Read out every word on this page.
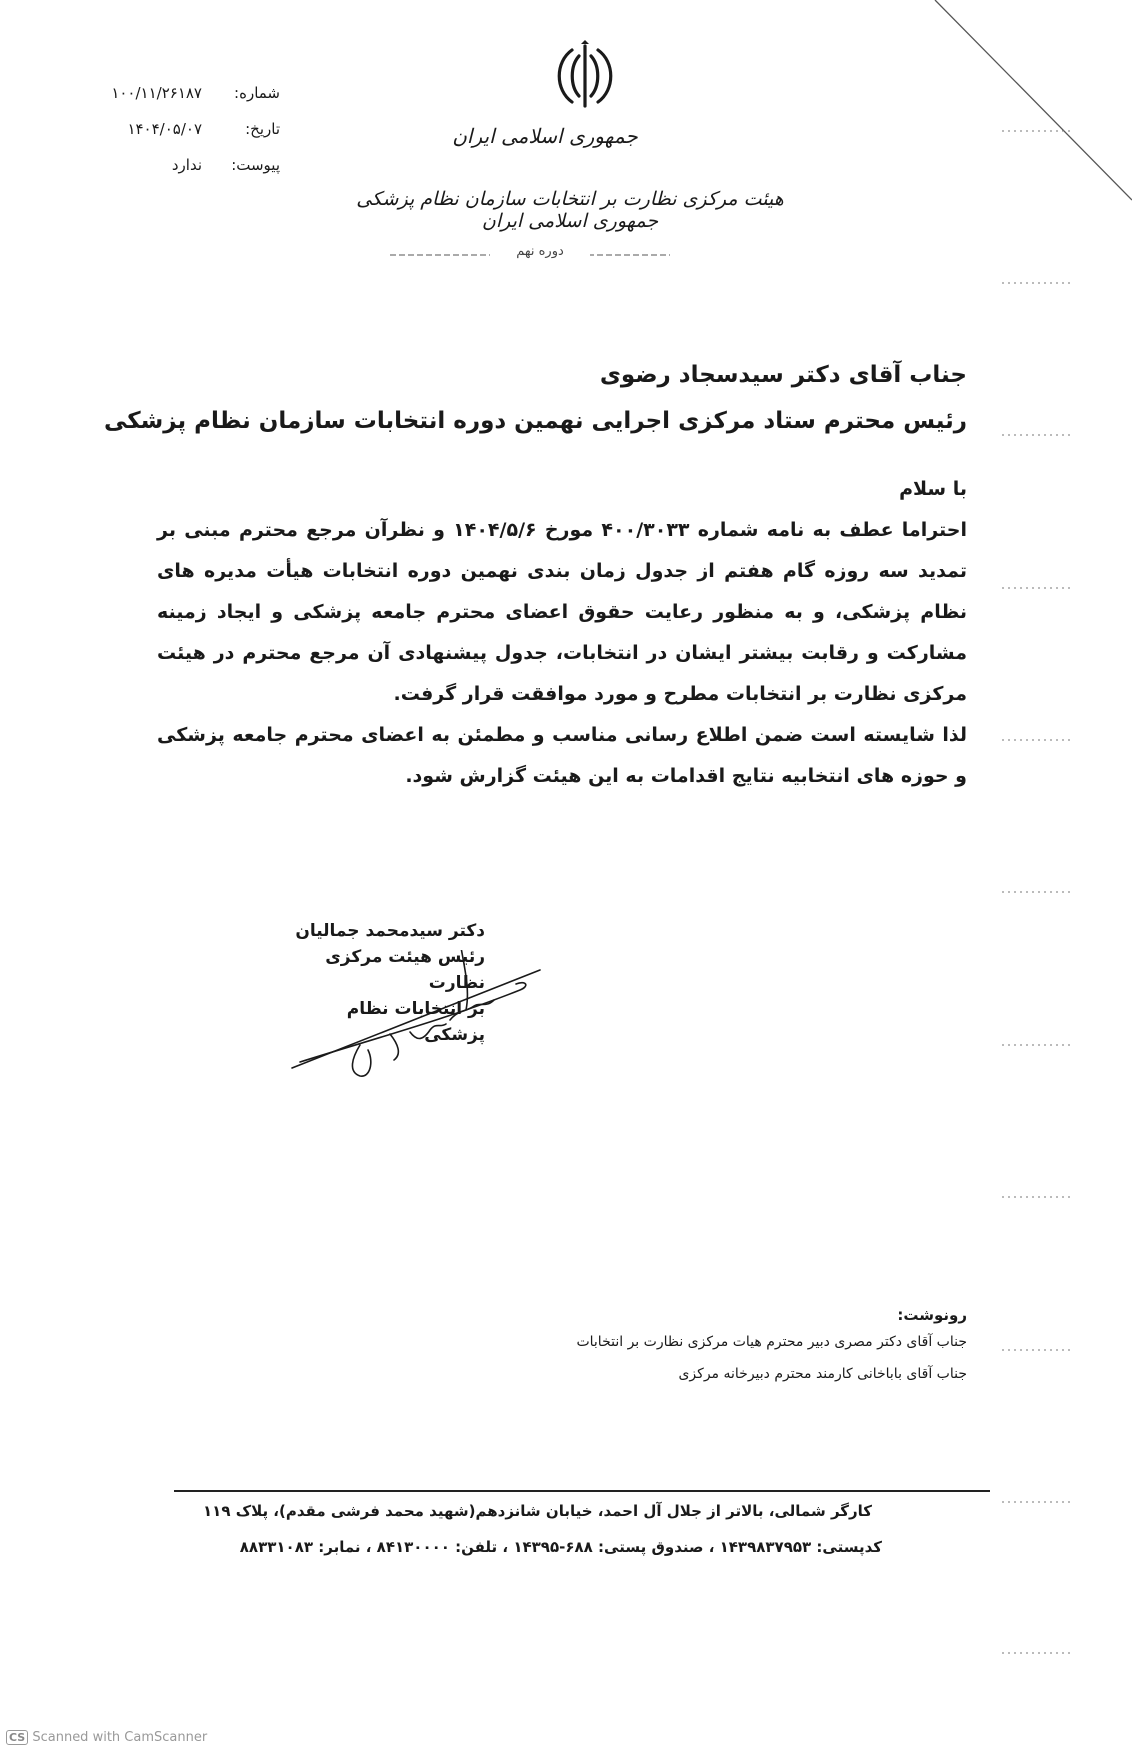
جمهوری اسلامی ایران
هیئت مرکزی نظارت بر انتخابات سازمان نظام پزشکی جمهوری اسلامی ایران
دوره نهم
شماره:
۱۰۰/۱۱/۲۶۱۸۷
تاریخ:
۱۴۰۴/۰۵/۰۷
پیوست:
ندارد
جناب آقای دکتر سیدسجاد رضوی
رئیس محترم ستاد مرکزی اجرایی نهمین دوره انتخابات سازمان نظام پزشکی
با سلام

احتراما عطف به نامه شماره ۴۰۰/۳۰۳۳ مورخ ۱۴۰۴/۵/۶ و نظرآن مرجع محترم مبنی بر تمدید سه روزه گام هفتم از جدول زمان بندی نهمین دوره انتخابات هیأت مدیره های نظام پزشکی، و به منظور رعایت حقوق اعضای محترم جامعه پزشکی و ایجاد زمینه مشارکت و رقابت بیشتر ایشان در انتخابات، جدول پیشنهادی آن مرجع محترم در هیئت مرکزی نظارت بر انتخابات مطرح و مورد موافقت قرار گرفت.

لذا شایسته است ضمن اطلاع رسانی مناسب و مطمئن به اعضای محترم جامعه پزشکی و حوزه های انتخابیه نتایج اقدامات به این هیئت گزارش شود.

دکتر سیدمحمد جمالیان
رئیس هیئت مرکزی نظارت
بر انتخابات نظام پزشکی
رونوشت:
جناب آقای دکتر مصری دبیر محترم هیات مرکزی نظارت بر انتخابات
جناب آقای باباخانی کارمند محترم دبیرخانه مرکزی
کارگر شمالی، بالاتر از جلال آل احمد، خیابان شانزدهم(شهید محمد فرشی مقدم)، پلاک ۱۱۹
کدپستی: ۱۴۳۹۸۳۷۹۵۳ ، صندوق پستی: ۶۸۸-۱۴۳۹۵ ، تلفن: ۸۴۱۳۰۰۰۰ ، نمابر: ۸۸۳۳۱۰۸۳
CS Scanned with CamScanner
